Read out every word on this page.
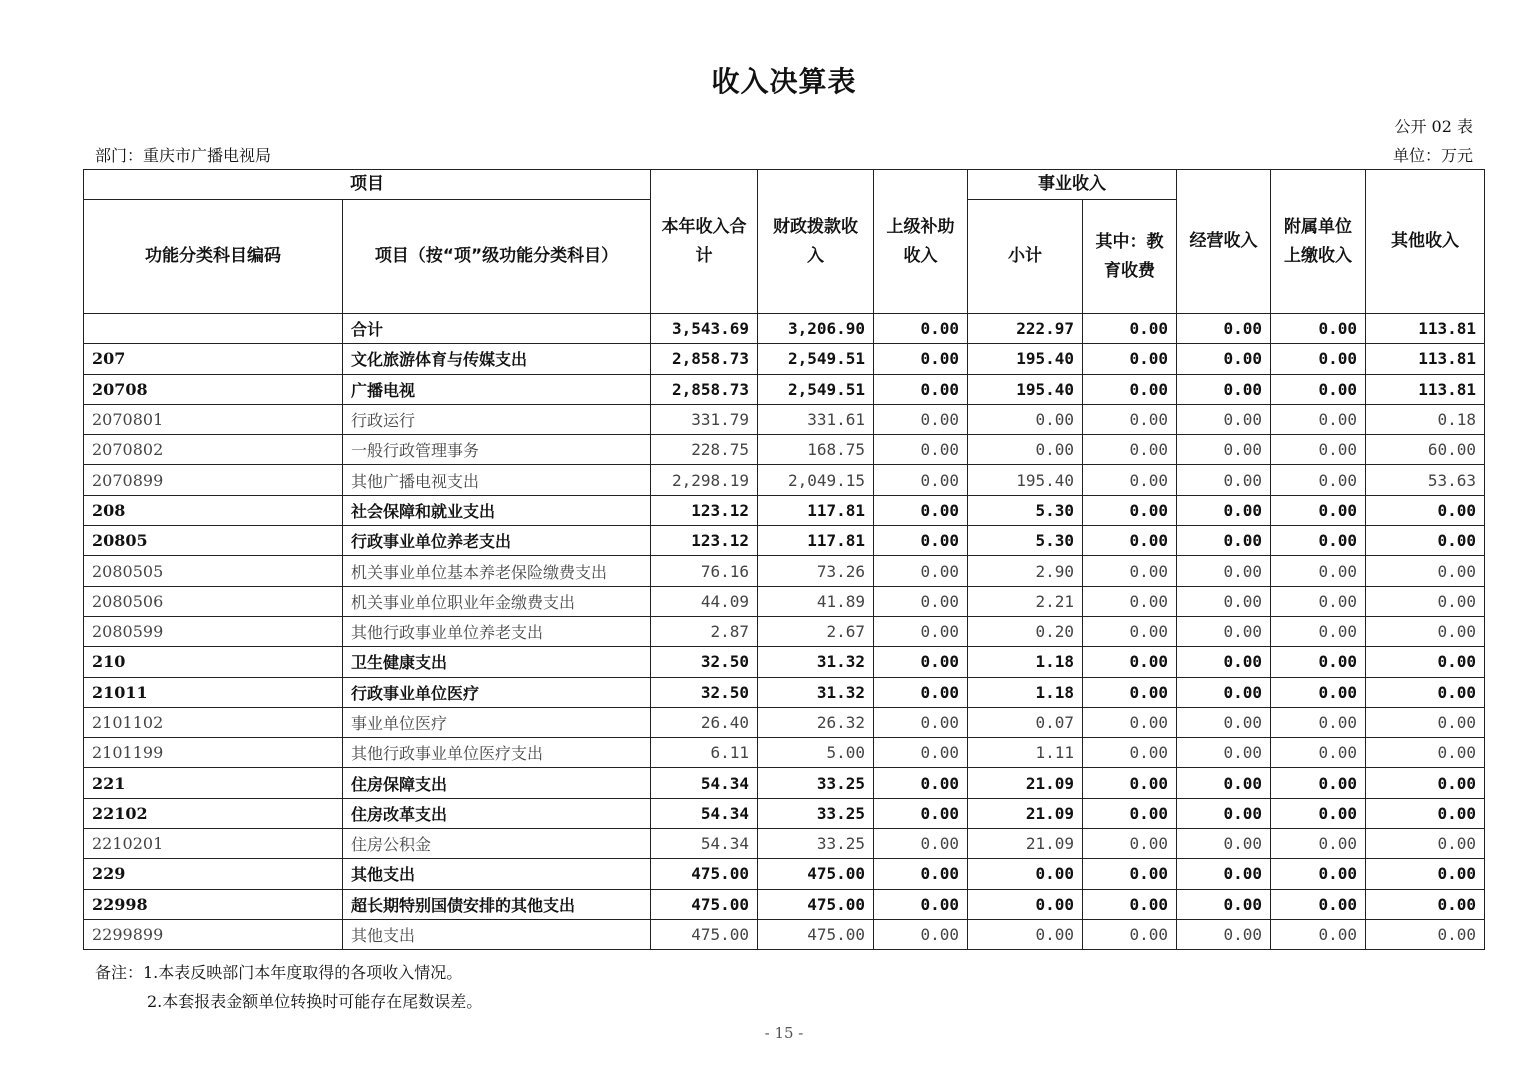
收入决算表
公开 02 表
部门：重庆市广播电视局	单位：万元
项目		本年收入合计	财政拨款收入	上级补助收入	事业收入		经营收入	附属单位上缴收入	其他收入
功能分类科目编码	项目（按“项”级功能分类科目）				小计	其中：教育收费			
	合计	3,543.69	3,206.90	0.00	222.97	0.00	0.00	0.00	113.81
207	文化旅游体育与传媒支出	2,858.73	2,549.51	0.00	195.40	0.00	0.00	0.00	113.81
20708	广播电视	2,858.73	2,549.51	0.00	195.40	0.00	0.00	0.00	113.81
2070801	行政运行	331.79	331.61	0.00	0.00	0.00	0.00	0.00	0.18
2070802	一般行政管理事务	228.75	168.75	0.00	0.00	0.00	0.00	0.00	60.00
2070899	其他广播电视支出	2,298.19	2,049.15	0.00	195.40	0.00	0.00	0.00	53.63
208	社会保障和就业支出	123.12	117.81	0.00	5.30	0.00	0.00	0.00	0.00
20805	行政事业单位养老支出	123.12	117.81	0.00	5.30	0.00	0.00	0.00	0.00
2080505	机关事业单位基本养老保险缴费支出	76.16	73.26	0.00	2.90	0.00	0.00	0.00	0.00
2080506	机关事业单位职业年金缴费支出	44.09	41.89	0.00	2.21	0.00	0.00	0.00	0.00
2080599	其他行政事业单位养老支出	2.87	2.67	0.00	0.20	0.00	0.00	0.00	0.00
210	卫生健康支出	32.50	31.32	0.00	1.18	0.00	0.00	0.00	0.00
21011	行政事业单位医疗	32.50	31.32	0.00	1.18	0.00	0.00	0.00	0.00
2101102	事业单位医疗	26.40	26.32	0.00	0.07	0.00	0.00	0.00	0.00
2101199	其他行政事业单位医疗支出	6.11	5.00	0.00	1.11	0.00	0.00	0.00	0.00
221	住房保障支出	54.34	33.25	0.00	21.09	0.00	0.00	0.00	0.00
22102	住房改革支出	54.34	33.25	0.00	21.09	0.00	0.00	0.00	0.00
2210201	住房公积金	54.34	33.25	0.00	21.09	0.00	0.00	0.00	0.00
229	其他支出	475.00	475.00	0.00	0.00	0.00	0.00	0.00	0.00
22998	超长期特别国债安排的其他支出	475.00	475.00	0.00	0.00	0.00	0.00	0.00	0.00
2299899	其他支出	475.00	475.00	0.00	0.00	0.00	0.00	0.00	0.00
备注：1.本表反映部门本年度取得的各项收入情况。
2.本套报表金额单位转换时可能存在尾数误差。
- 15 -
